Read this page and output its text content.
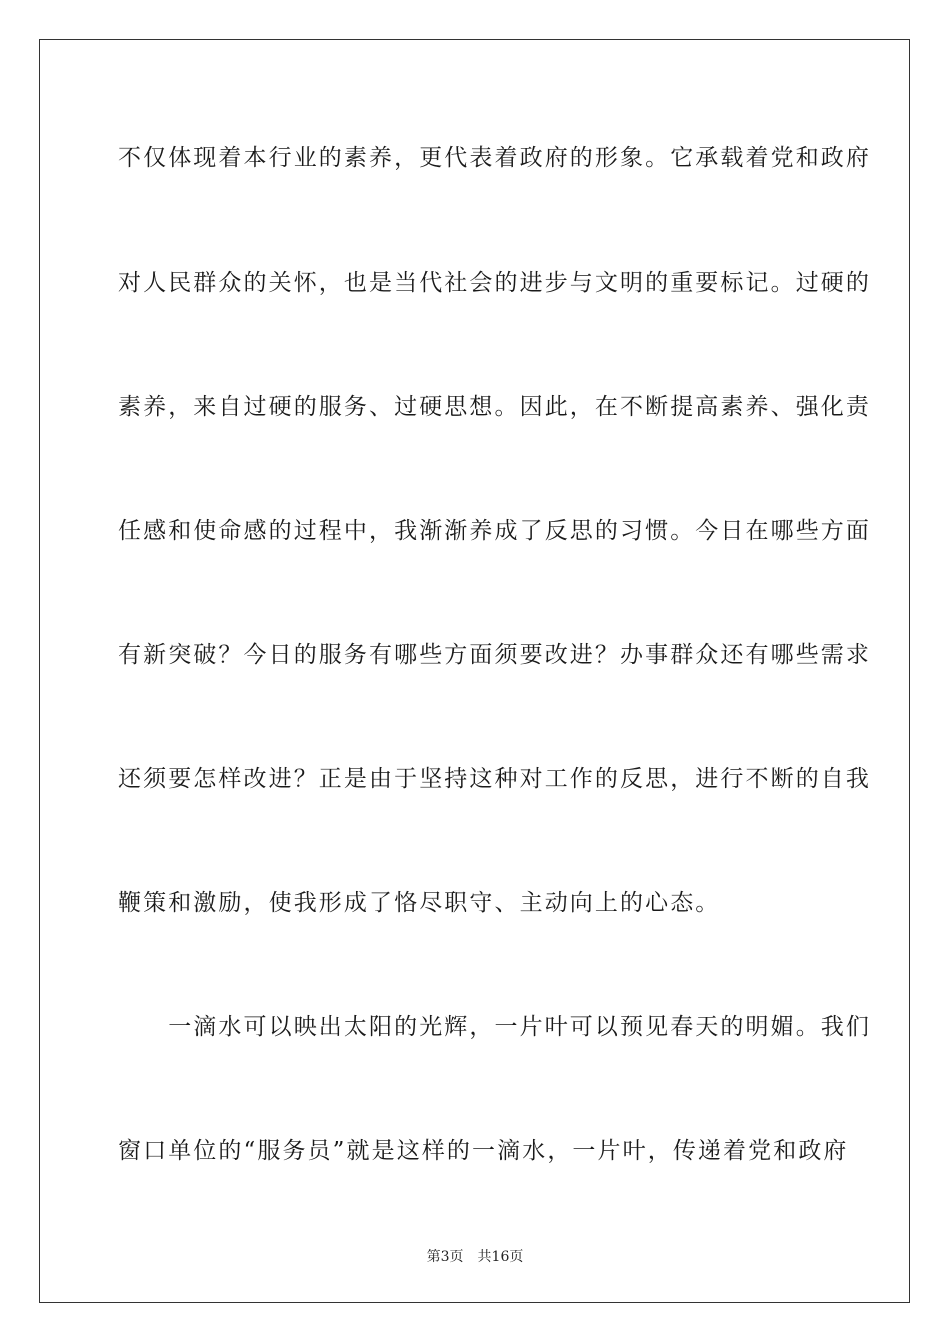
不仅体现着本行业的素养，更代表着政府的形象。它承载着党和政府
对人民群众的关怀，也是当代社会的进步与文明的重要标记。过硬的
素养，来自过硬的服务、过硬思想。因此，在不断提高素养、强化责
任感和使命感的过程中，我渐渐养成了反思的习惯。今日在哪些方面
有新突破？今日的服务有哪些方面须要改进？办事群众还有哪些需求
还须要怎样改进？正是由于坚持这种对工作的反思，进行不断的自我
鞭策和激励，使我形成了恪尽职守、主动向上的心态。
　　一滴水可以映出太阳的光辉，一片叶可以预见春天的明媚。我们
窗口单位的“服务员”就是这样的一滴水，一片叶，传递着党和政府
第3页 共16页
